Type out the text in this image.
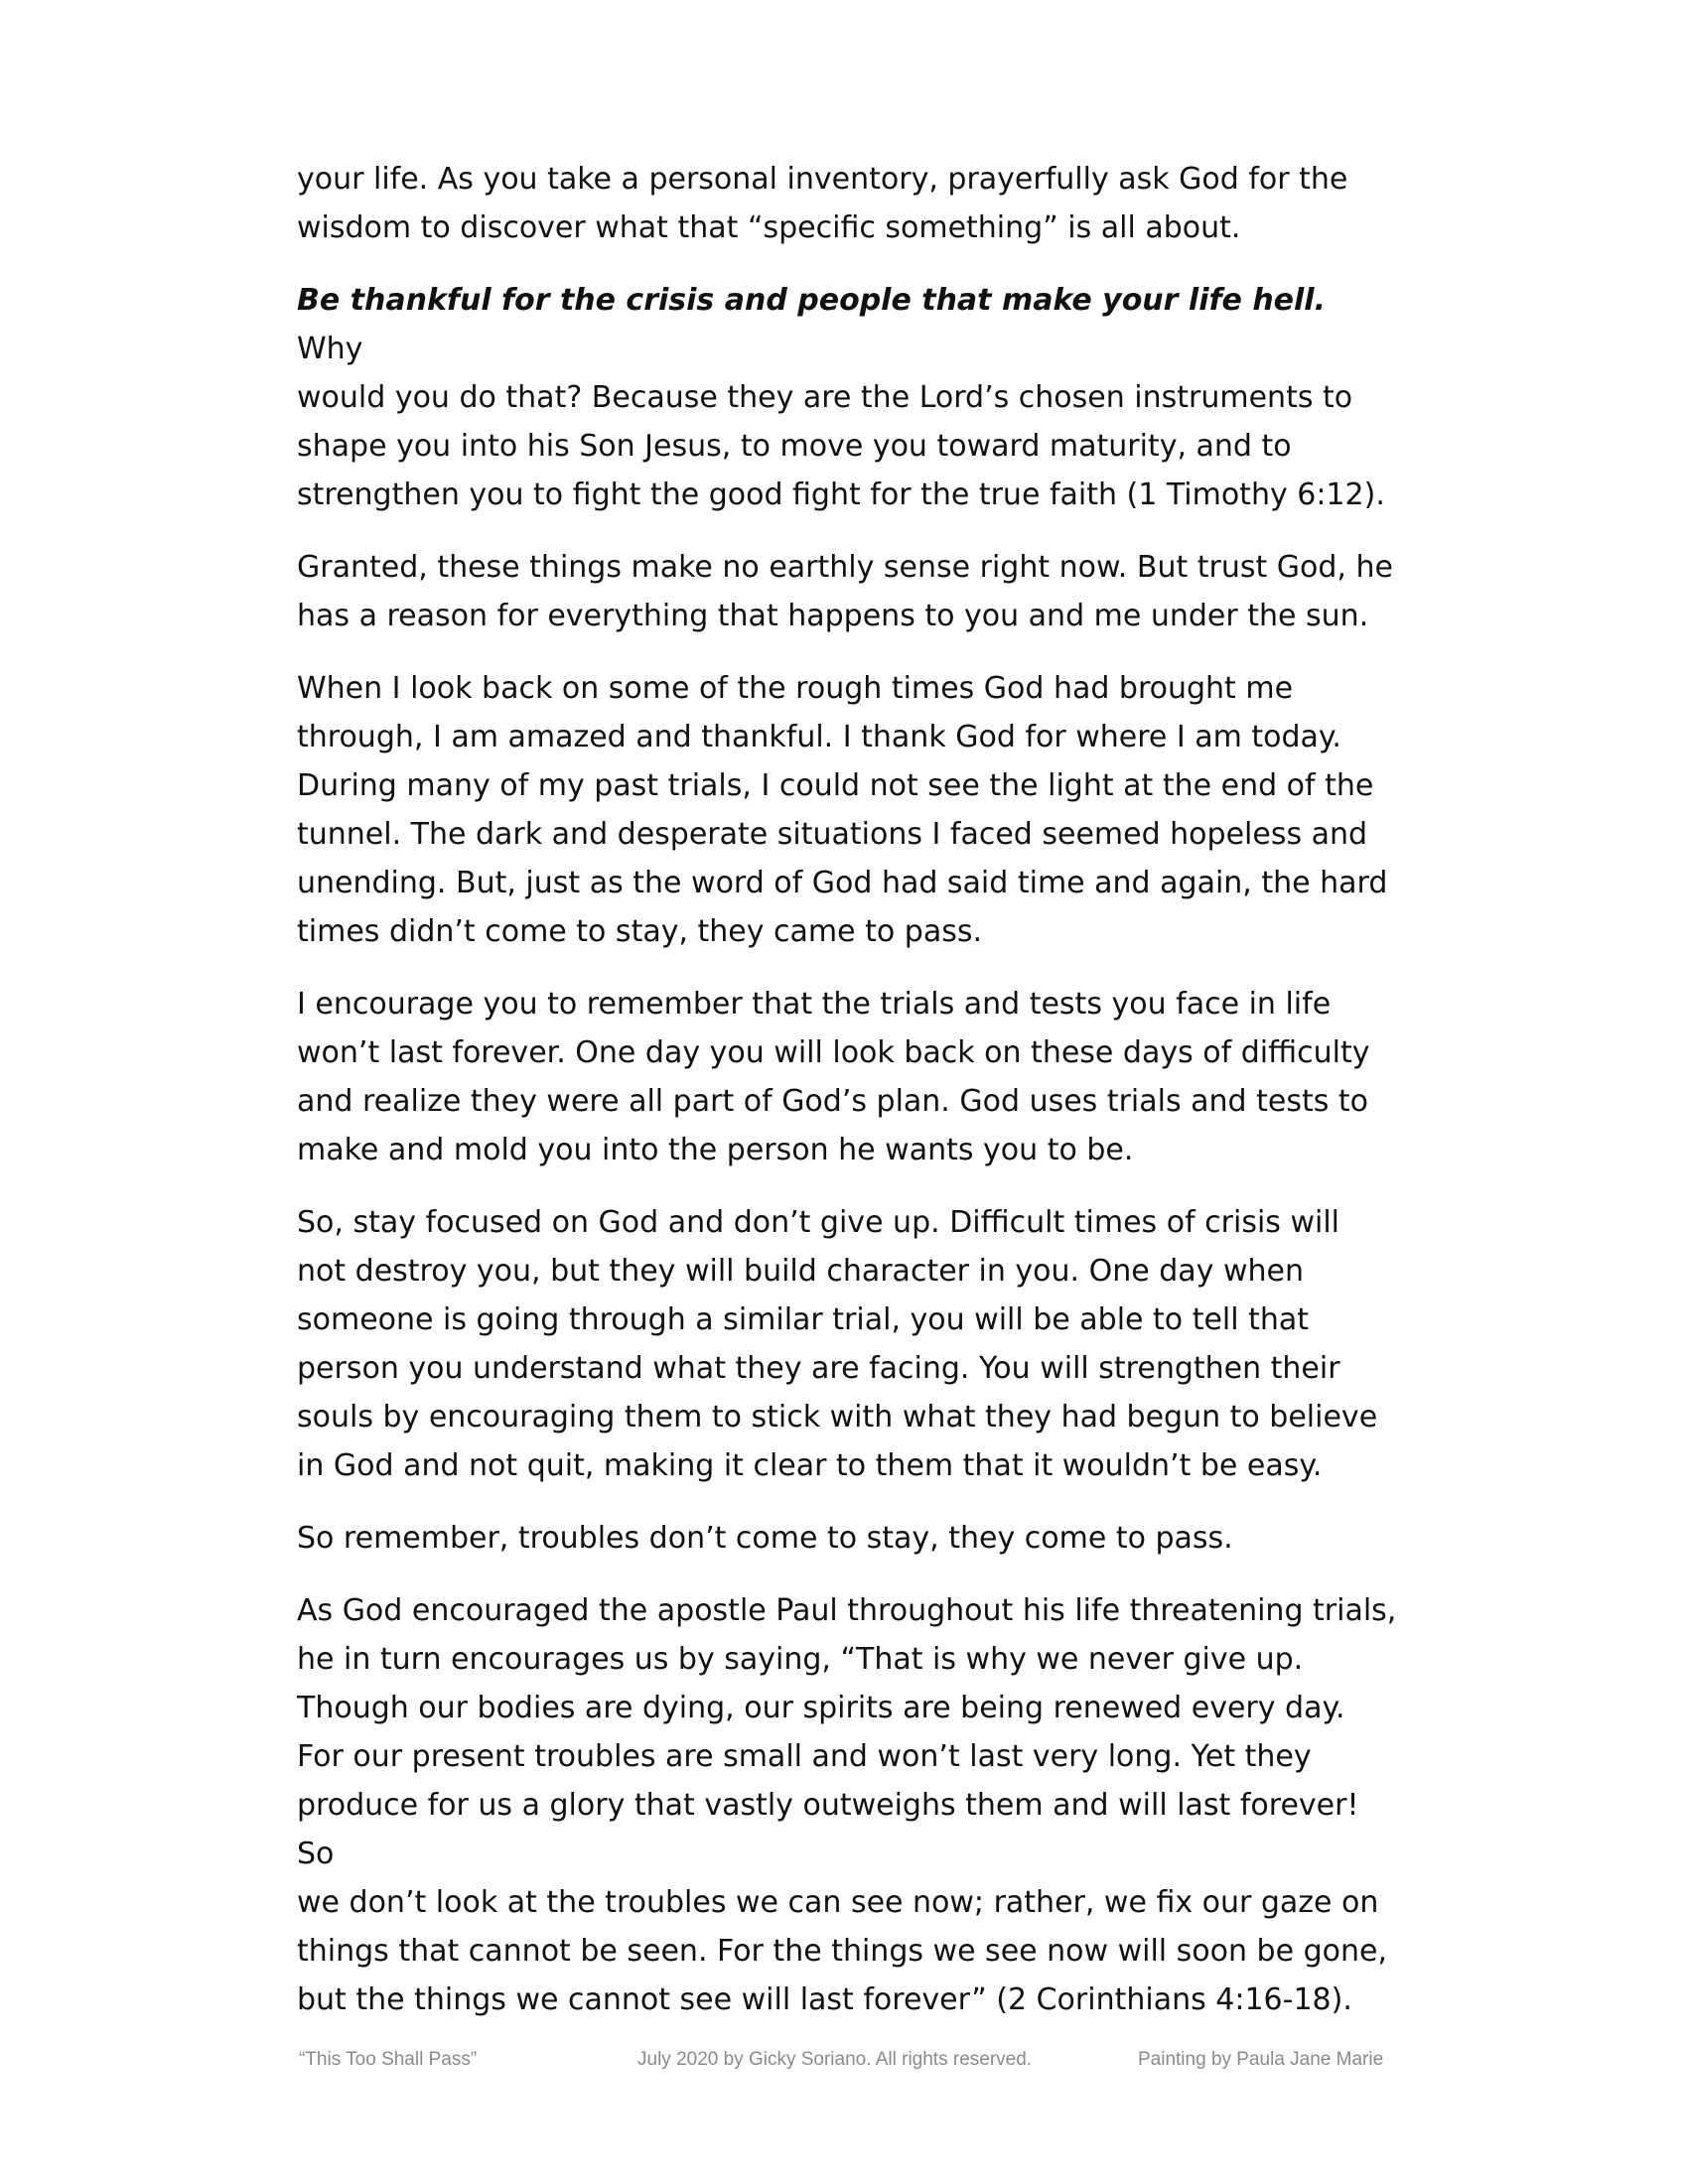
your life. As you take a personal inventory, prayerfully ask God for the
wisdom to discover what that “specific something” is all about.

Be thankful for the crisis and people that make your life hell. Why
would you do that? Because they are the Lord’s chosen instruments to
shape you into his Son Jesus, to move you toward maturity, and to
strengthen you to fight the good fight for the true faith (1 Timothy 6:12).

Granted, these things make no earthly sense right now. But trust God, he
has a reason for everything that happens to you and me under the sun.

When I look back on some of the rough times God had brought me
through, I am amazed and thankful. I thank God for where I am today.
During many of my past trials, I could not see the light at the end of the
tunnel. The dark and desperate situations I faced seemed hopeless and
unending. But, just as the word of God had said time and again, the hard
times didn’t come to stay, they came to pass.

I encourage you to remember that the trials and tests you face in life
won’t last forever. One day you will look back on these days of difficulty
and realize they were all part of God’s plan. God uses trials and tests to
make and mold you into the person he wants you to be.

So, stay focused on God and don’t give up. Difficult times of crisis will
not destroy you, but they will build character in you. One day when
someone is going through a similar trial, you will be able to tell that
person you understand what they are facing. You will strengthen their
souls by encouraging them to stick with what they had begun to believe
in God and not quit, making it clear to them that it wouldn’t be easy.

So remember, troubles don’t come to stay, they come to pass.

As God encouraged the apostle Paul throughout his life threatening trials,
he in turn encourages us by saying, “That is why we never give up.
Though our bodies are dying, our spirits are being renewed every day.
For our present troubles are small and won’t last very long. Yet they
produce for us a glory that vastly outweighs them and will last forever! So
we don’t look at the troubles we can see now; rather, we fix our gaze on
things that cannot be seen. For the things we see now will soon be gone,
but the things we cannot see will last forever” (2 Corinthians 4:16-18).

“This Too Shall Pass”	July 2020 by Gicky Soriano. All rights reserved.	Painting by Paula Jane Marie
